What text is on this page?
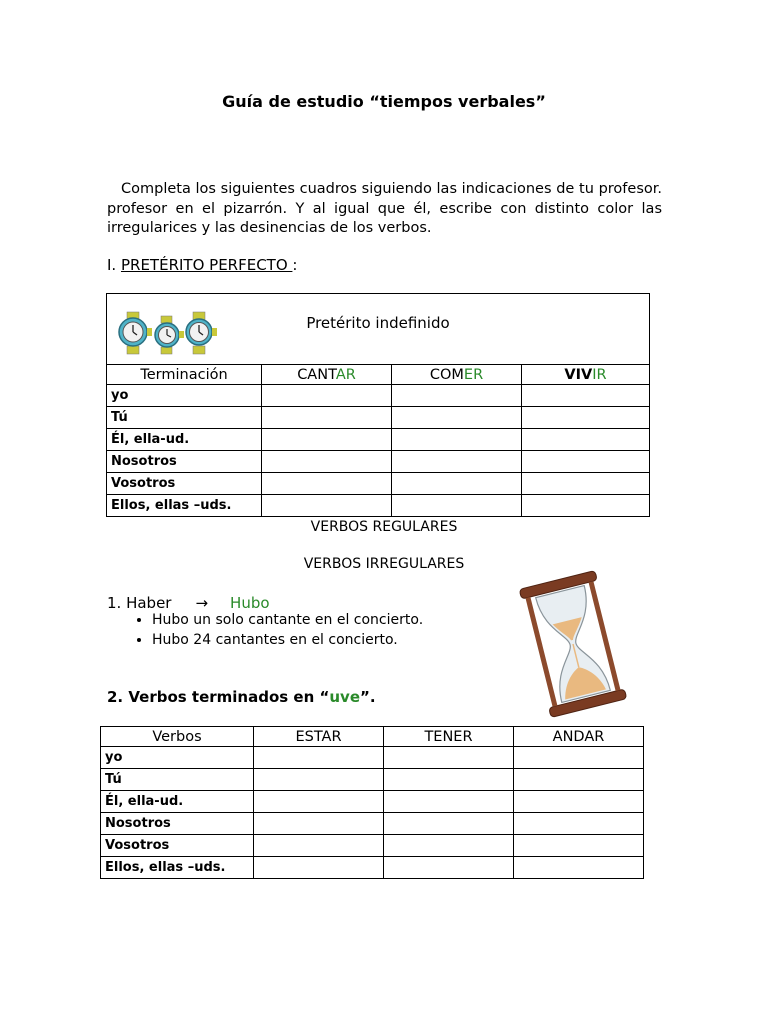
Guía de estudio “tiempos verbales”
Completa los siguientes cuadros siguiendo las indicaciones de tu profesor. profesor en el pizarrón. Y al igual que él, escribe con distinto color las irregularices y las desinencias de los verbos.
I. PRETÉRITO PERFECTO :
Pretérito indefinido			

Terminación	CANTAR	COMER	VIVIR
yo			
Tú			
Él, ella-ud.			
Nosotros			
Vosotros			
Ellos, ellas –uds.			
VERBOS REGULARES
VERBOS IRREGULARES
1. Haber → Hubo
• Hubo un solo cantante en el concierto.
• Hubo 24 cantantes en el concierto.
2. Verbos terminados en “uve”.
Verbos	ESTAR	TENER	ANDAR
yo			
Tú			
Él, ella-ud.			
Nosotros			
Vosotros			
Ellos, ellas –uds.			
